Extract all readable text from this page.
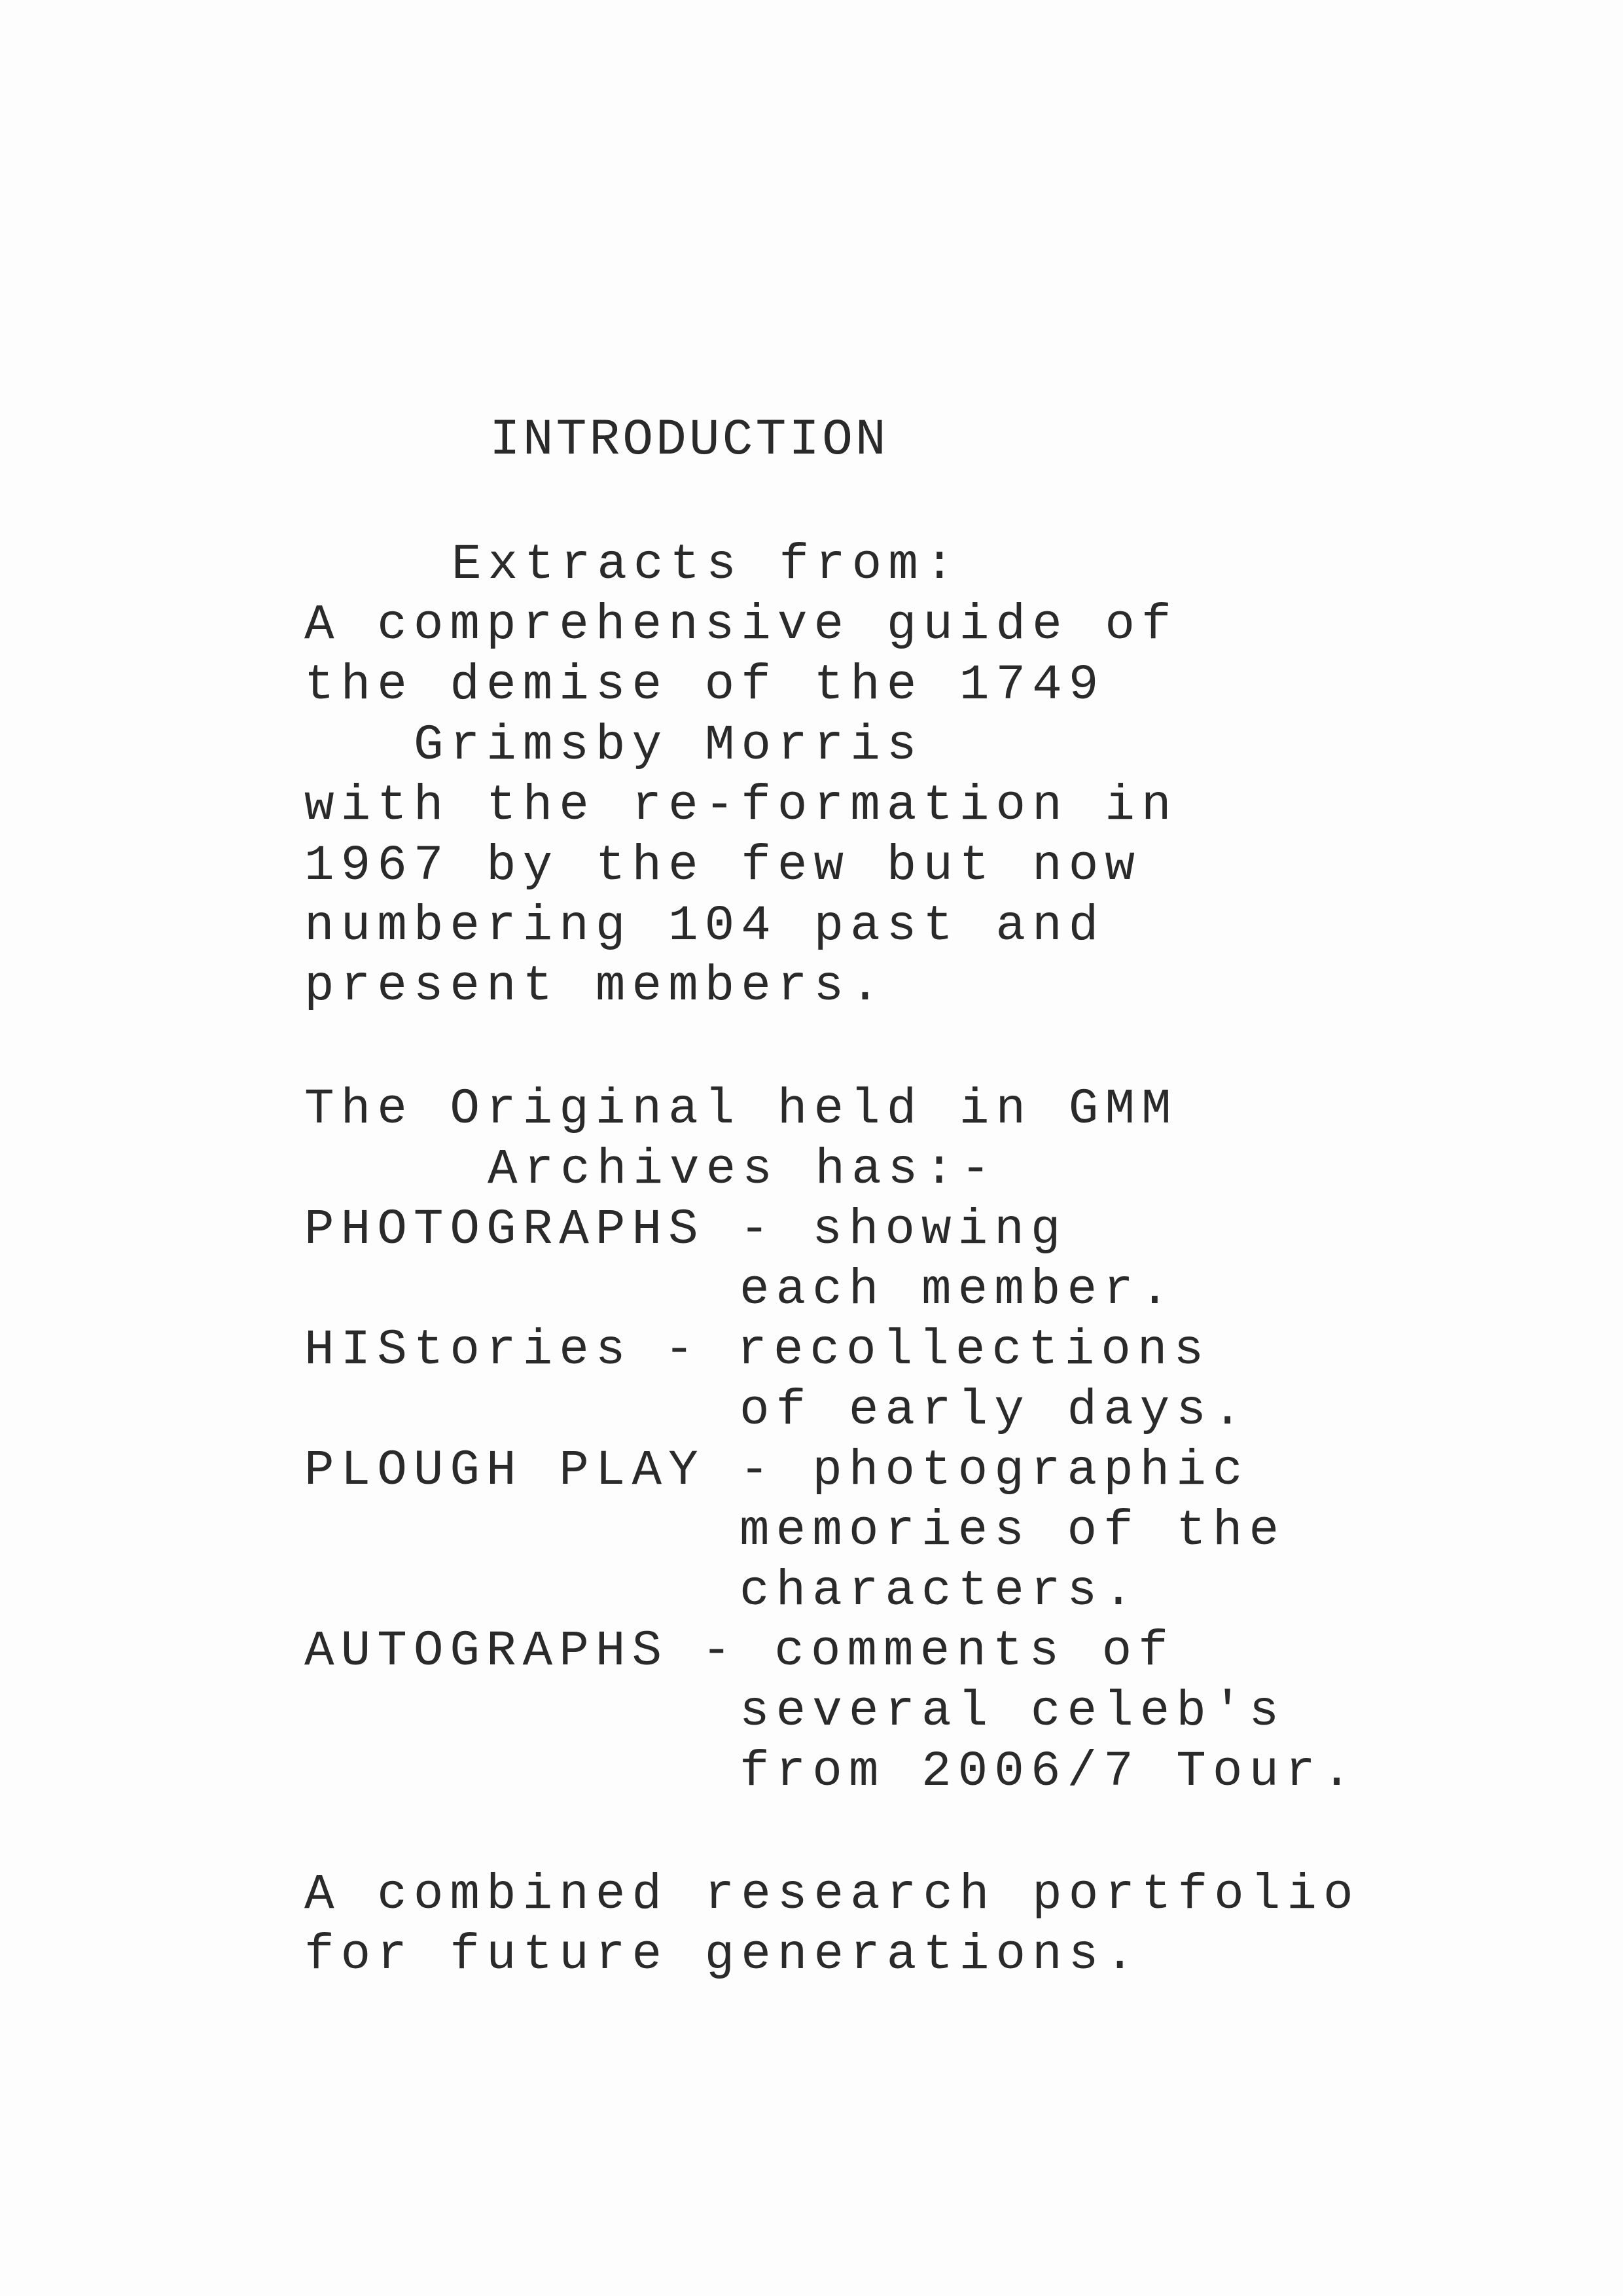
INTRODUCTION
Extracts from:
A comprehensive guide of
the demise of the 1749
Grimsby Morris
with the re-formation in
1967 by the few but now
numbering 104 past and
present members.
The Original held in GMM
Archives has:-
PHOTOGRAPHS - showing
each member.
HIStories - recollections
of early days.
PLOUGH PLAY - photographic
memories of the
characters.
AUTOGRAPHS - comments of
several celeb's
from 2006/7 Tour.
A combined research portfolio
for future generations.
